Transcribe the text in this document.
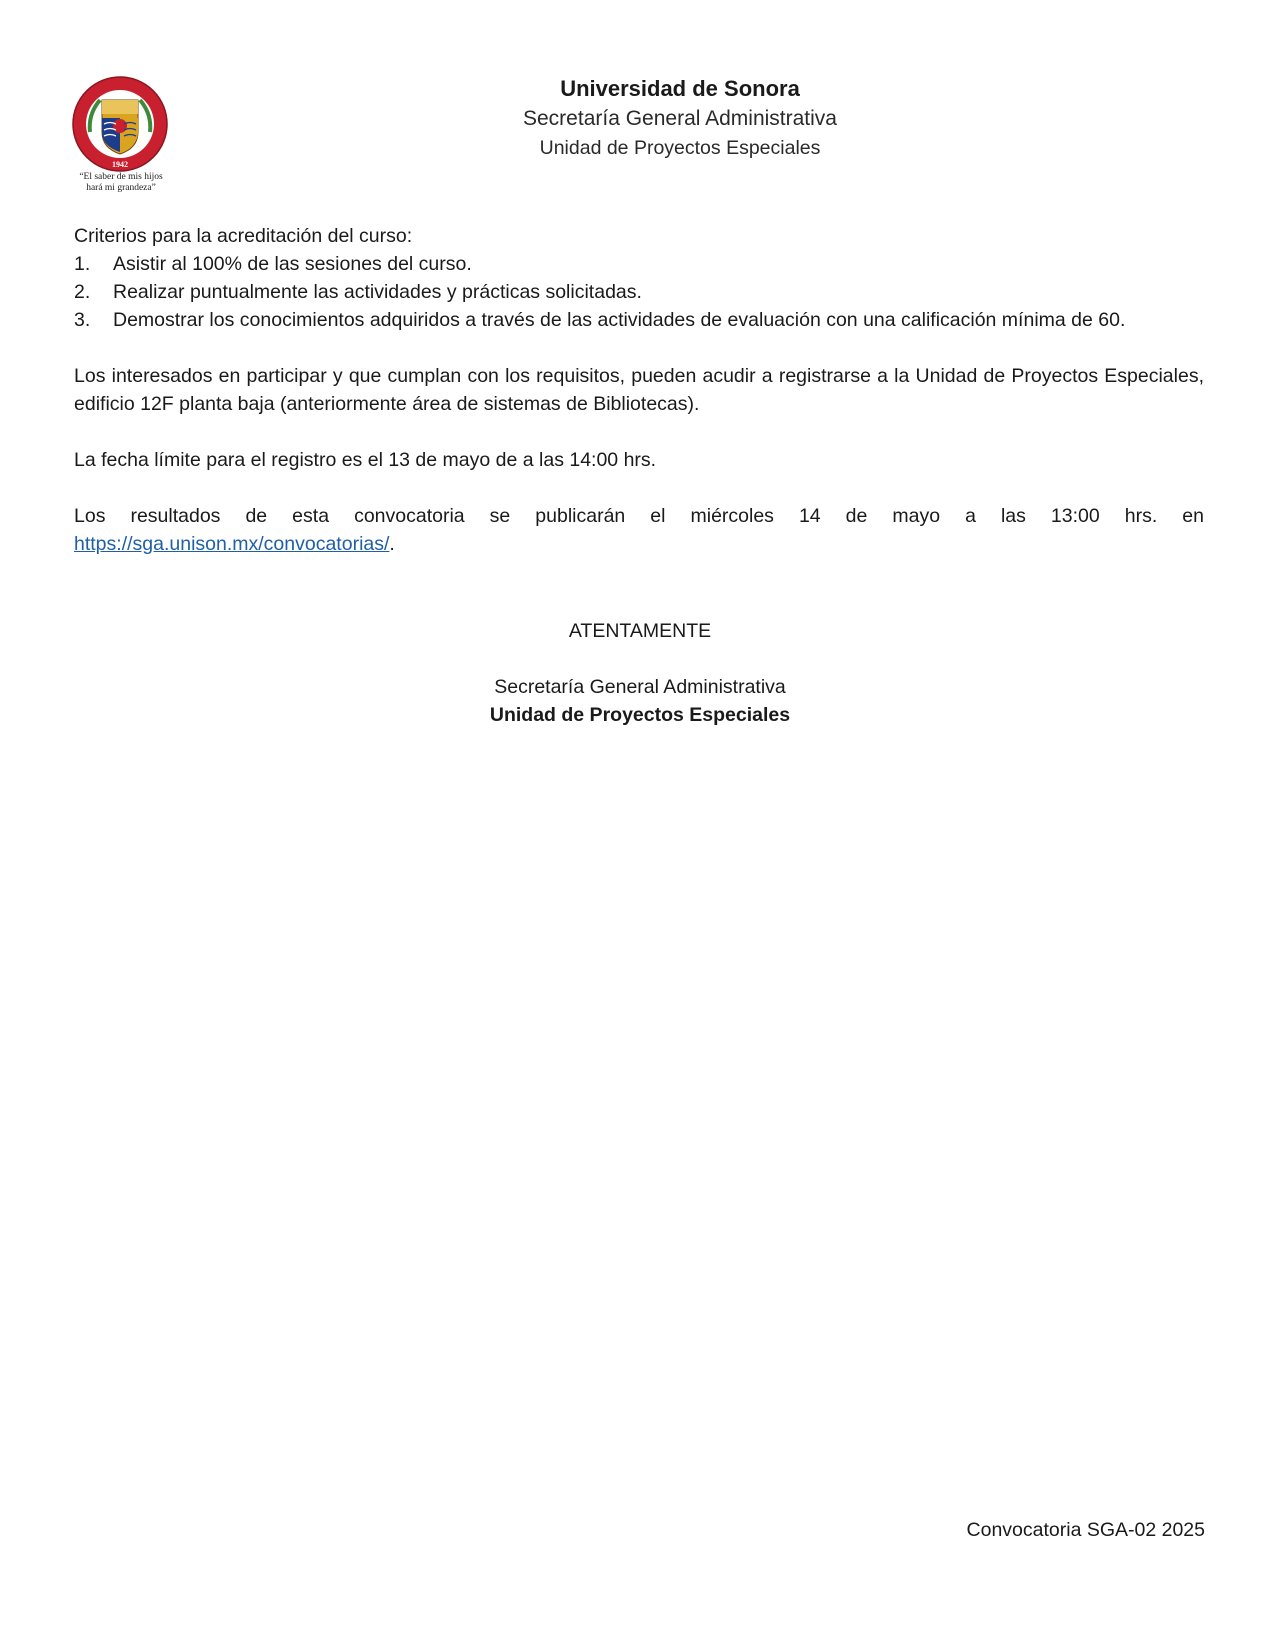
1942
“El saber de mis hijos
hará mi grandeza”
Universidad de Sonora
Secretaría General Administrativa
Unidad de Proyectos Especiales

Criterios para la acreditación del curso:

1. Asistir al 100% de las sesiones del curso.
2. Realizar puntualmente las actividades y prácticas solicitadas.
3. Demostrar los conocimientos adquiridos a través de las actividades de evaluación con una calificación mínima de 60.

Los interesados en participar y que cumplan con los requisitos, pueden acudir a registrarse a la Unidad de Proyectos Especiales, edificio 12F planta baja (anteriormente área de sistemas de Bibliotecas).

La fecha límite para el registro es el 13 de mayo de a las 14:00 hrs.

Los resultados de esta convocatoria se publicarán el miércoles 14 de mayo a las 13:00 hrs. en https://sga.unison.mx/convocatorias/.

ATENTAMENTE
Secretaría General Administrativa
Unidad de Proyectos Especiales
Convocatoria SGA-02 2025
